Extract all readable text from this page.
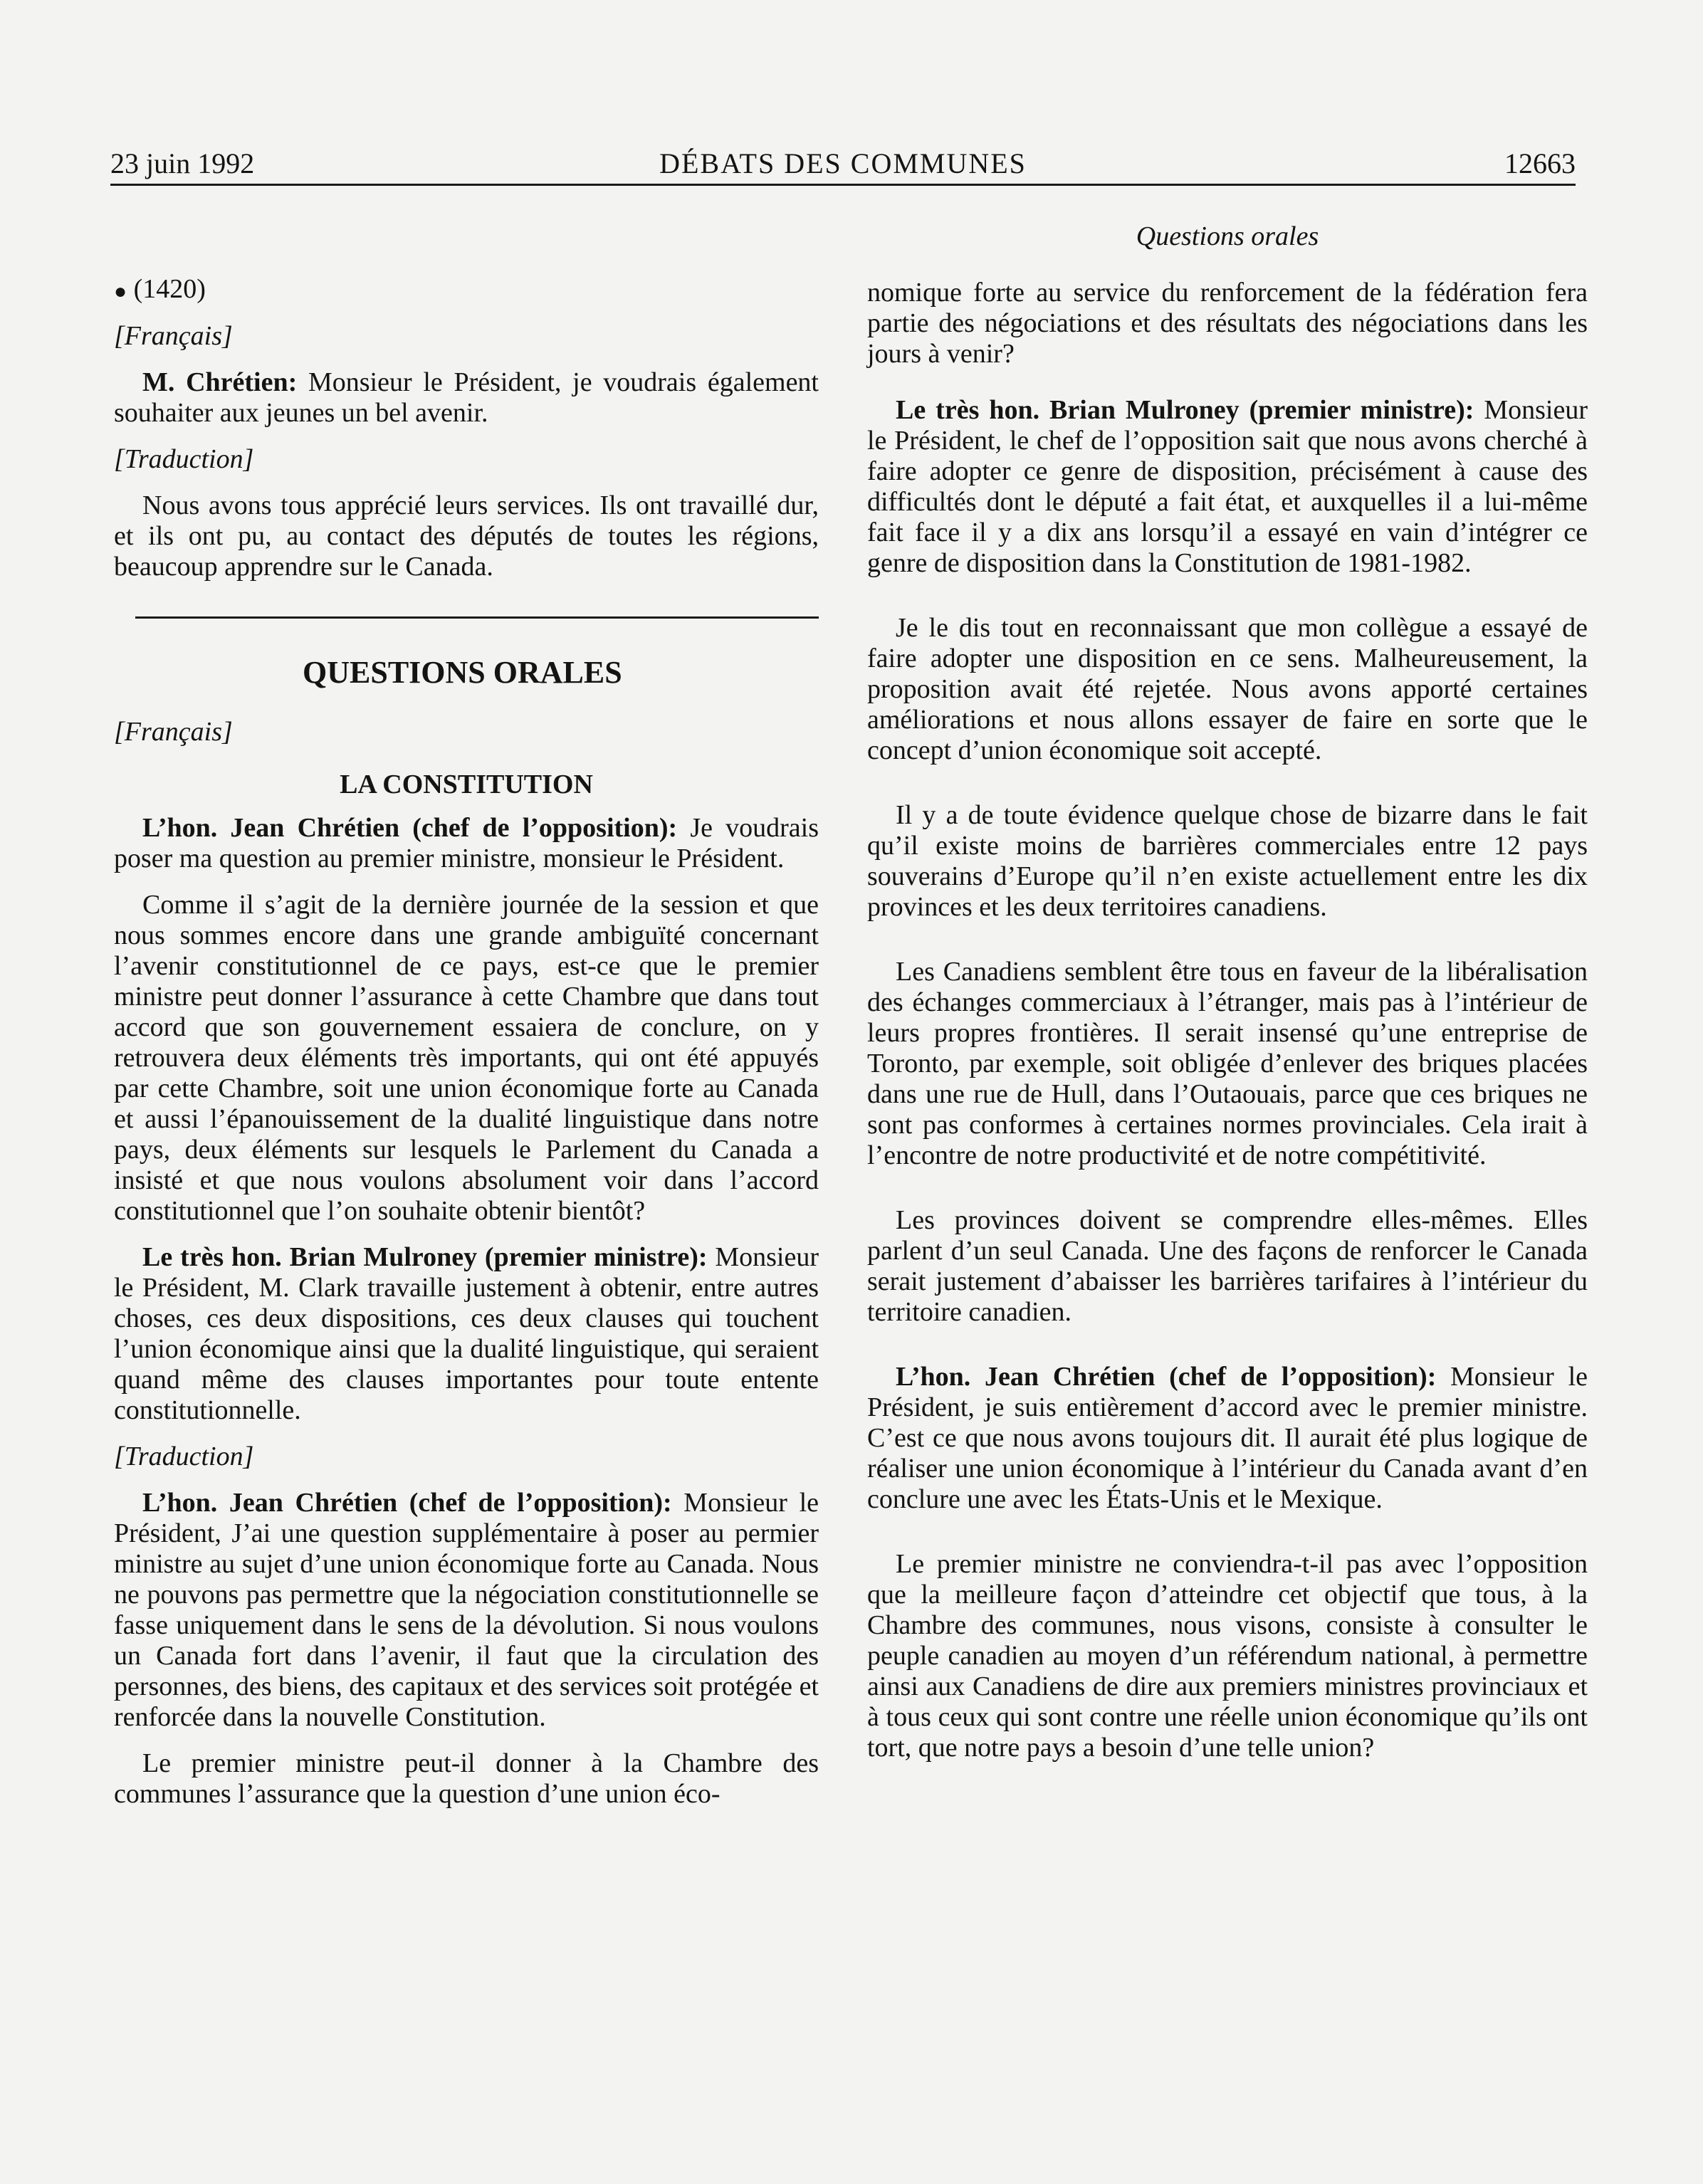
23 juin 1992	DÉBATS DES COMMUNES	12663
Questions orales

● (1420)

[Français]

M. Chrétien: Monsieur le Président, je voudrais également souhaiter aux jeunes un bel avenir.

[Traduction]

Nous avons tous apprécié leurs services. Ils ont travaillé dur, et ils ont pu, au contact des députés de toutes les régions, beaucoup apprendre sur le Canada.

QUESTIONS ORALES

[Français]

LA CONSTITUTION

L’hon. Jean Chrétien (chef de l’opposition): Je voudrais poser ma question au premier ministre, monsieur le Président.

Comme il s’agit de la dernière journée de la session et que nous sommes encore dans une grande ambiguïté concernant l’avenir constitutionnel de ce pays, est-ce que le premier ministre peut donner l’assurance à cette Chambre que dans tout accord que son gouvernement essaiera de conclure, on y retrouvera deux éléments très importants, qui ont été appuyés par cette Chambre, soit une union économique forte au Canada et aussi l’épanouissement de la dualité linguistique dans notre pays, deux éléments sur lesquels le Parlement du Canada a insisté et que nous voulons absolument voir dans l’accord constitutionnel que l’on souhaite obtenir bientôt?

Le très hon. Brian Mulroney (premier ministre): Monsieur le Président, M. Clark travaille justement à obtenir, entre autres choses, ces deux dispositions, ces deux clauses qui touchent l’union économique ainsi que la dualité linguistique, qui seraient quand même des clauses importantes pour toute entente constitutionnelle.

[Traduction]

L’hon. Jean Chrétien (chef de l’opposition): Monsieur le Président, J’ai une question supplémentaire à poser au permier ministre au sujet d’une union économique forte au Canada. Nous ne pouvons pas permettre que la négociation constitutionnelle se fasse uniquement dans le sens de la dévolution. Si nous voulons un Canada fort dans l’avenir, il faut que la circulation des personnes, des biens, des capitaux et des services soit protégée et renforcée dans la nouvelle Constitution.

Le premier ministre peut-il donner à la Chambre des communes l’assurance que la question d’une union éco-

nomique forte au service du renforcement de la fédération fera partie des négociations et des résultats des négociations dans les jours à venir?

Le très hon. Brian Mulroney (premier ministre): Monsieur le Président, le chef de l’opposition sait que nous avons cherché à faire adopter ce genre de disposition, précisément à cause des difficultés dont le député a fait état, et auxquelles il a lui-même fait face il y a dix ans lorsqu’il a essayé en vain d’intégrer ce genre de disposition dans la Constitution de 1981-1982.

Je le dis tout en reconnaissant que mon collègue a essayé de faire adopter une disposition en ce sens. Malheureusement, la proposition avait été rejetée. Nous avons apporté certaines améliorations et nous allons essayer de faire en sorte que le concept d’union économique soit accepté.

Il y a de toute évidence quelque chose de bizarre dans le fait qu’il existe moins de barrières commerciales entre 12 pays souverains d’Europe qu’il n’en existe actuellement entre les dix provinces et les deux territoires canadiens.

Les Canadiens semblent être tous en faveur de la libéralisation des échanges commerciaux à l’étranger, mais pas à l’intérieur de leurs propres frontières. Il serait insensé qu’une entreprise de Toronto, par exemple, soit obligée d’enlever des briques placées dans une rue de Hull, dans l’Outaouais, parce que ces briques ne sont pas conformes à certaines normes provinciales. Cela irait à l’encontre de notre productivité et de notre compétitivité.

Les provinces doivent se comprendre elles-mêmes. Elles parlent d’un seul Canada. Une des façons de renforcer le Canada serait justement d’abaisser les barrières tarifaires à l’intérieur du territoire canadien.

L’hon. Jean Chrétien (chef de l’opposition): Monsieur le Président, je suis entièrement d’accord avec le premier ministre. C’est ce que nous avons toujours dit. Il aurait été plus logique de réaliser une union économique à l’intérieur du Canada avant d’en conclure une avec les États-Unis et le Mexique.

Le premier ministre ne conviendra-t-il pas avec l’opposition que la meilleure façon d’atteindre cet objectif que tous, à la Chambre des communes, nous visons, consiste à consulter le peuple canadien au moyen d’un référendum national, à permettre ainsi aux Canadiens de dire aux premiers ministres provinciaux et à tous ceux qui sont contre une réelle union économique qu’ils ont tort, que notre pays a besoin d’une telle union?
